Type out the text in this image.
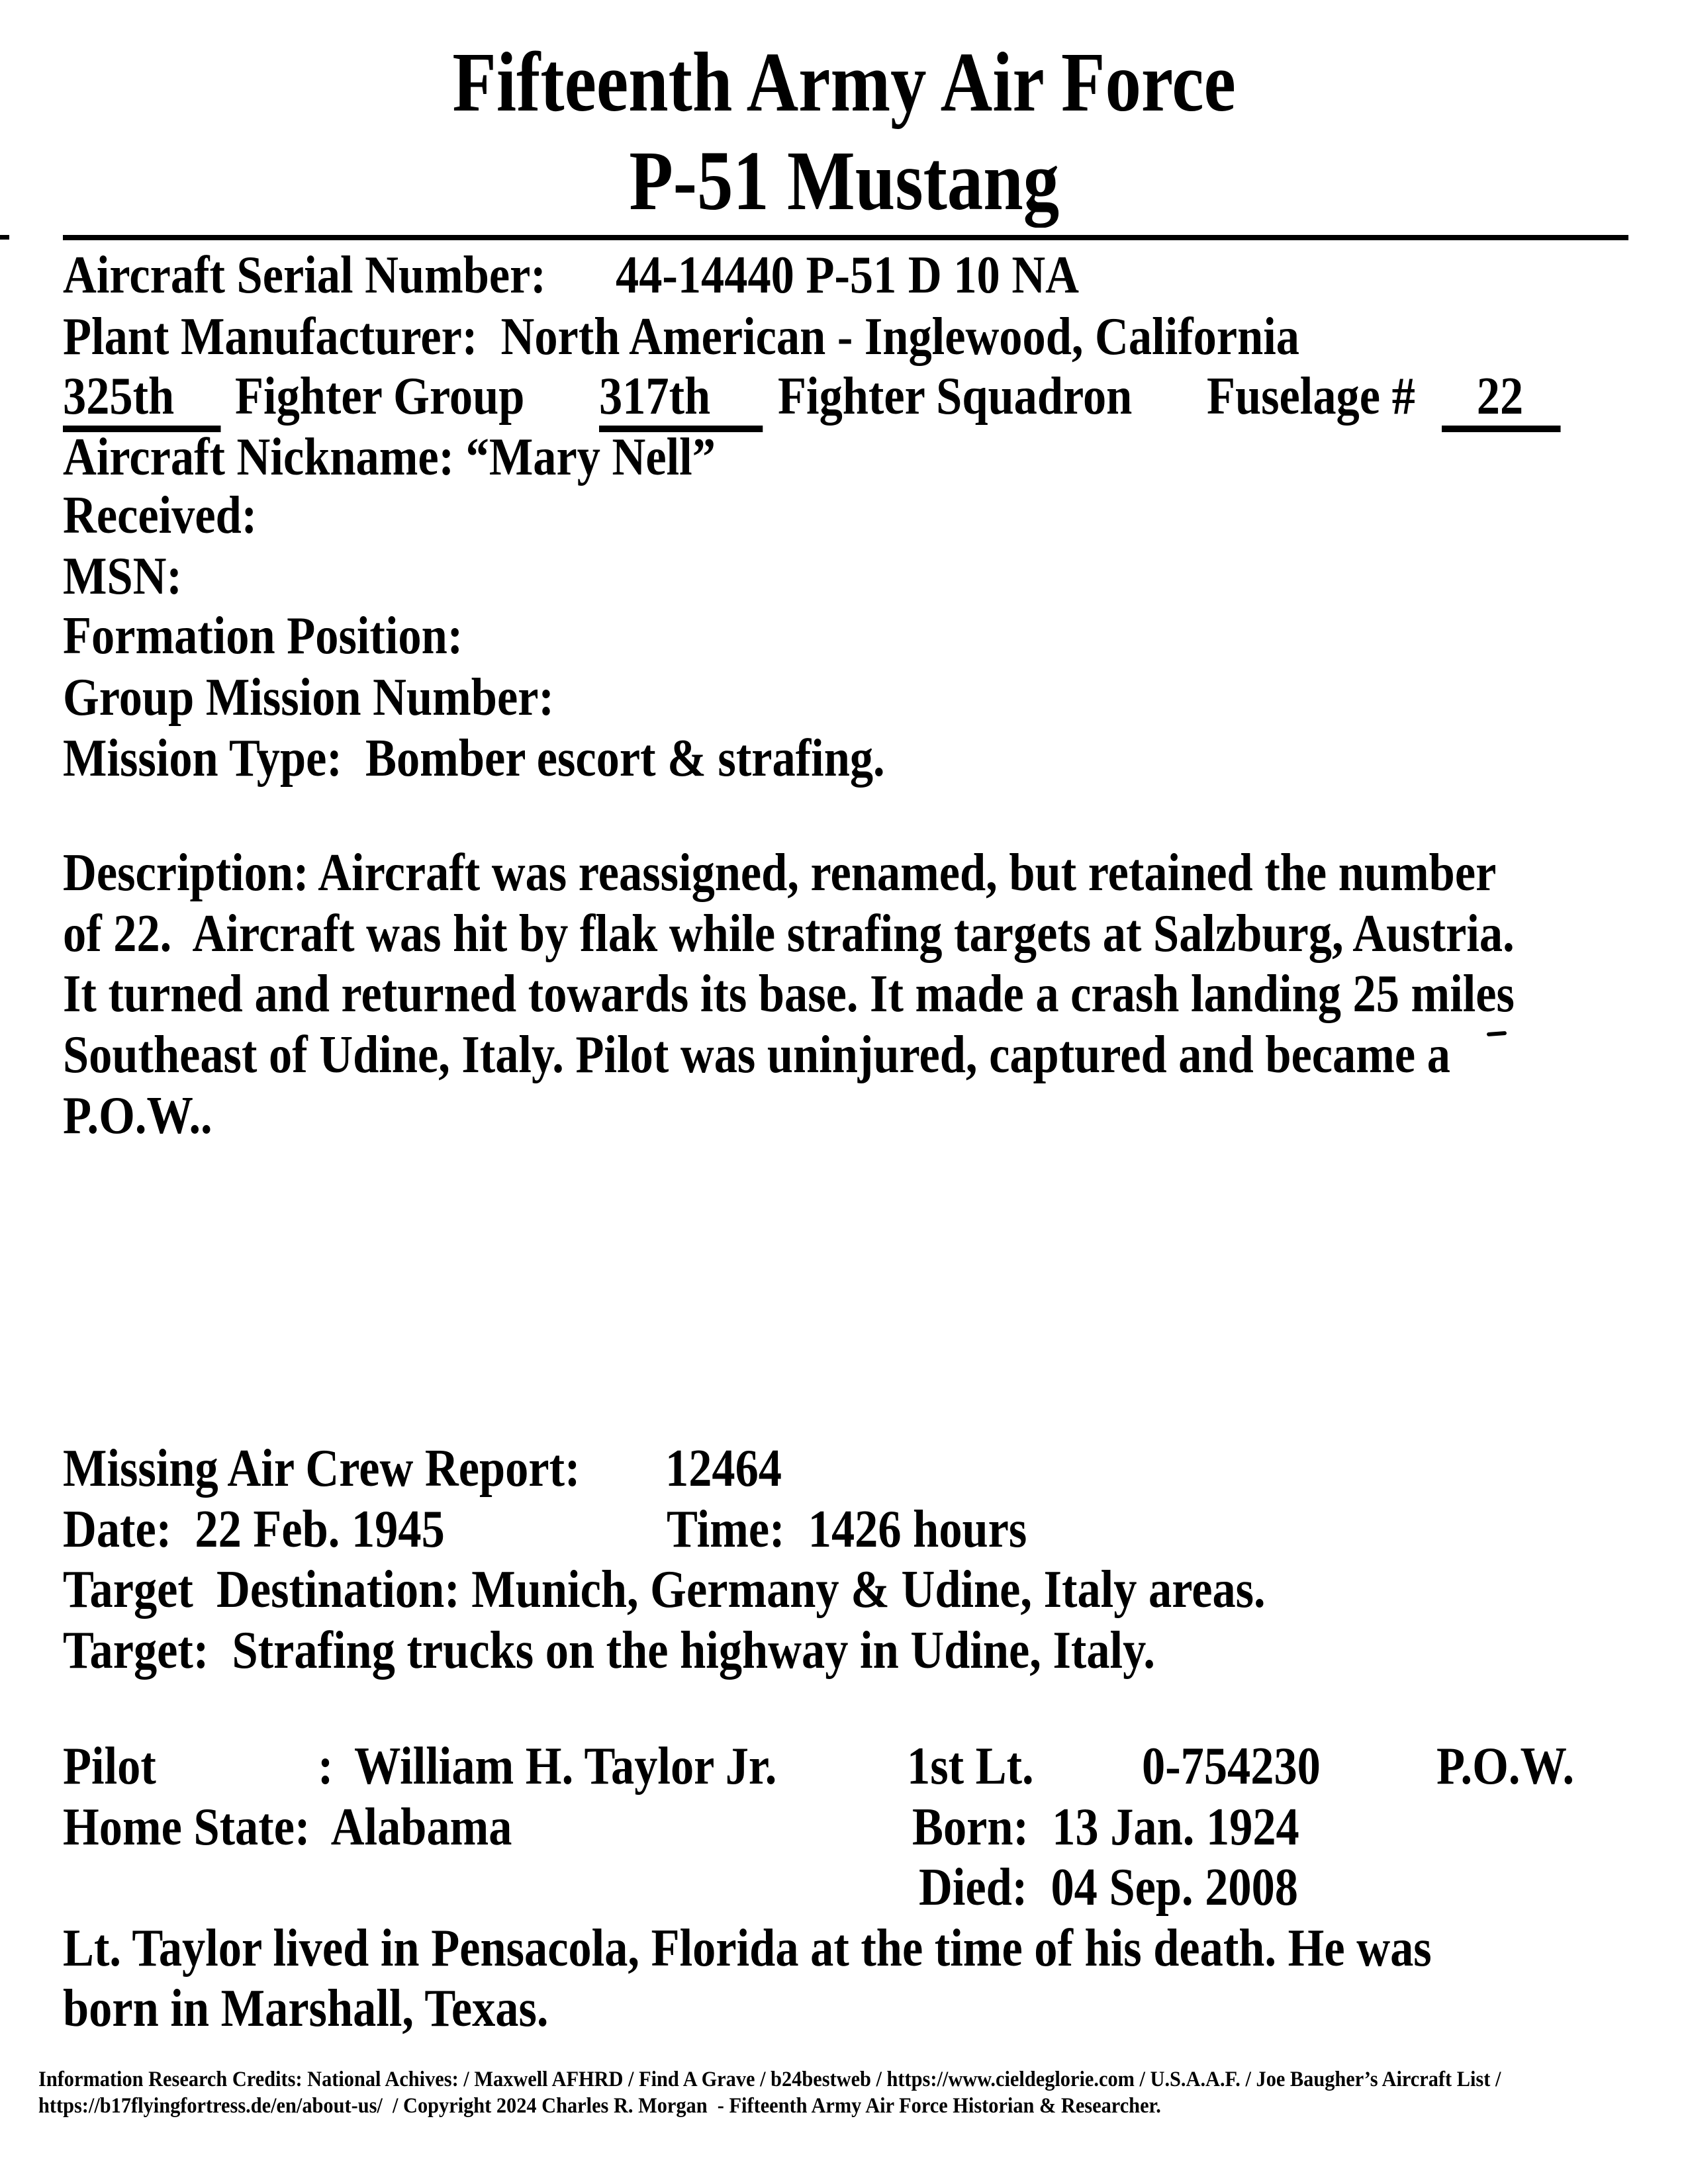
Fifteenth Army Air Force
P-51 Mustang
Aircraft Serial Number: 44-14440 P-51 D 10 NA
Plant Manufacturer:  North American - Inglewood, California
325th	Fighter Group 317th	Fighter Squadron Fuselage #	22
Aircraft Nickname: “Mary Nell”
Received:
MSN:
Formation Position:
Group Mission Number:
Mission Type:  Bomber escort & strafing.
Description: Aircraft was reassigned, renamed, but retained the number
of 22.  Aircraft was hit by flak while strafing targets at Salzburg, Austria.
It turned and returned towards its base. It made a crash landing 25 miles
Southeast of Udine, Italy. Pilot was uninjured, captured and became a
P.O.W..
Missing Air Crew Report: 12464
Date:  22 Feb. 1945	Time:  1426 hours
Target  Destination: Munich, Germany & Udine, Italy areas.
Target:  Strafing trucks on the highway in Udine, Italy.
Pilot	: William H. Taylor Jr. 1st Lt. 0-754230 P.O.W.
Home State:  Alabama	Born:  13 Jan. 1924
Died:  04 Sep. 2008
Lt. Taylor lived in Pensacola, Florida at the time of his death. He was
born in Marshall, Texas.
Information Research Credits: National Achives: / Maxwell AFHRD / Find A Grave / b24bestweb / https://www.cieldeglorie.com / U.S.A.A.F. / Joe Baugher’s Aircraft List /
https://b17flyingfortress.de/en/about-us/  / Copyright 2024 Charles R. Morgan  - Fifteenth Army Air Force Historian & Researcher.
